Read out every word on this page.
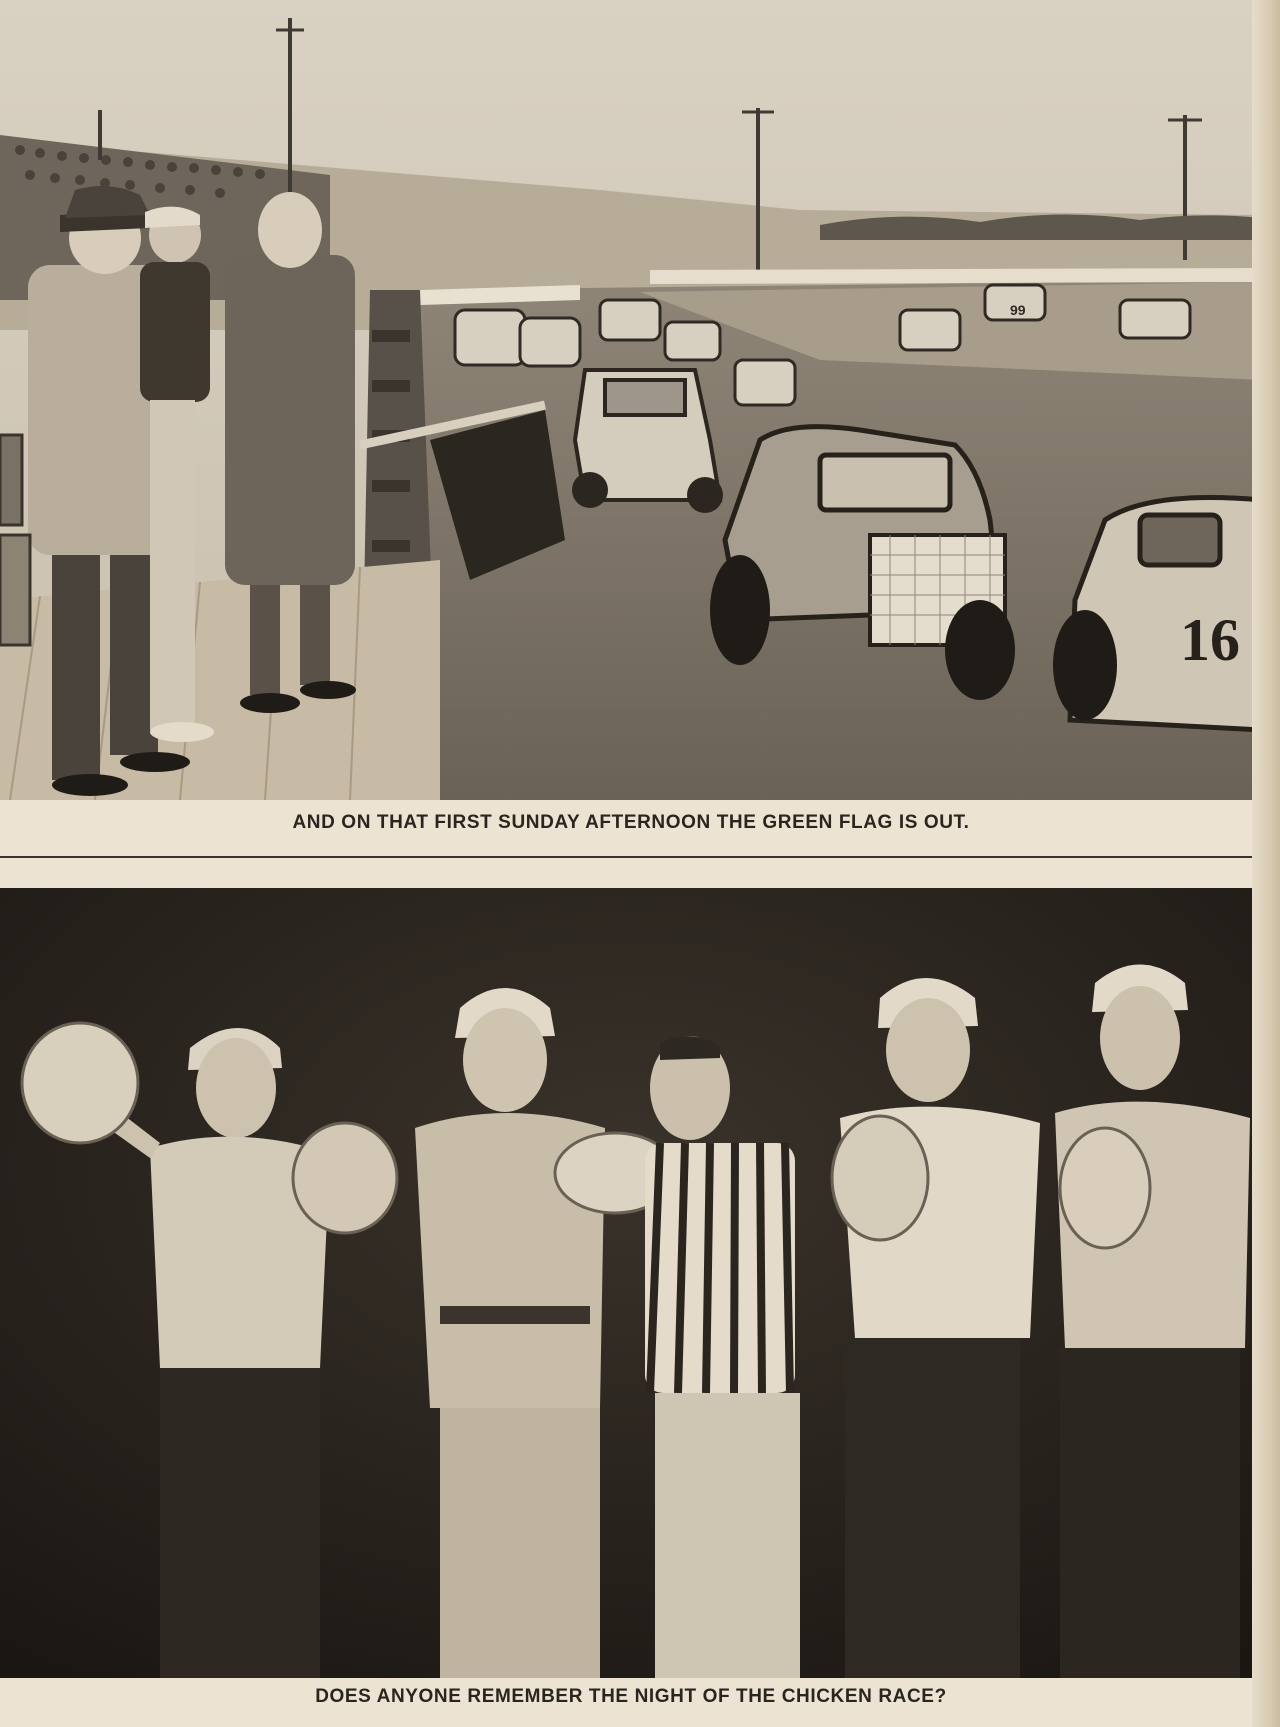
99
16
AND ON THAT FIRST SUNDAY AFTERNOON THE GREEN FLAG IS OUT.
DOES ANYONE REMEMBER THE NIGHT OF THE CHICKEN RACE?
